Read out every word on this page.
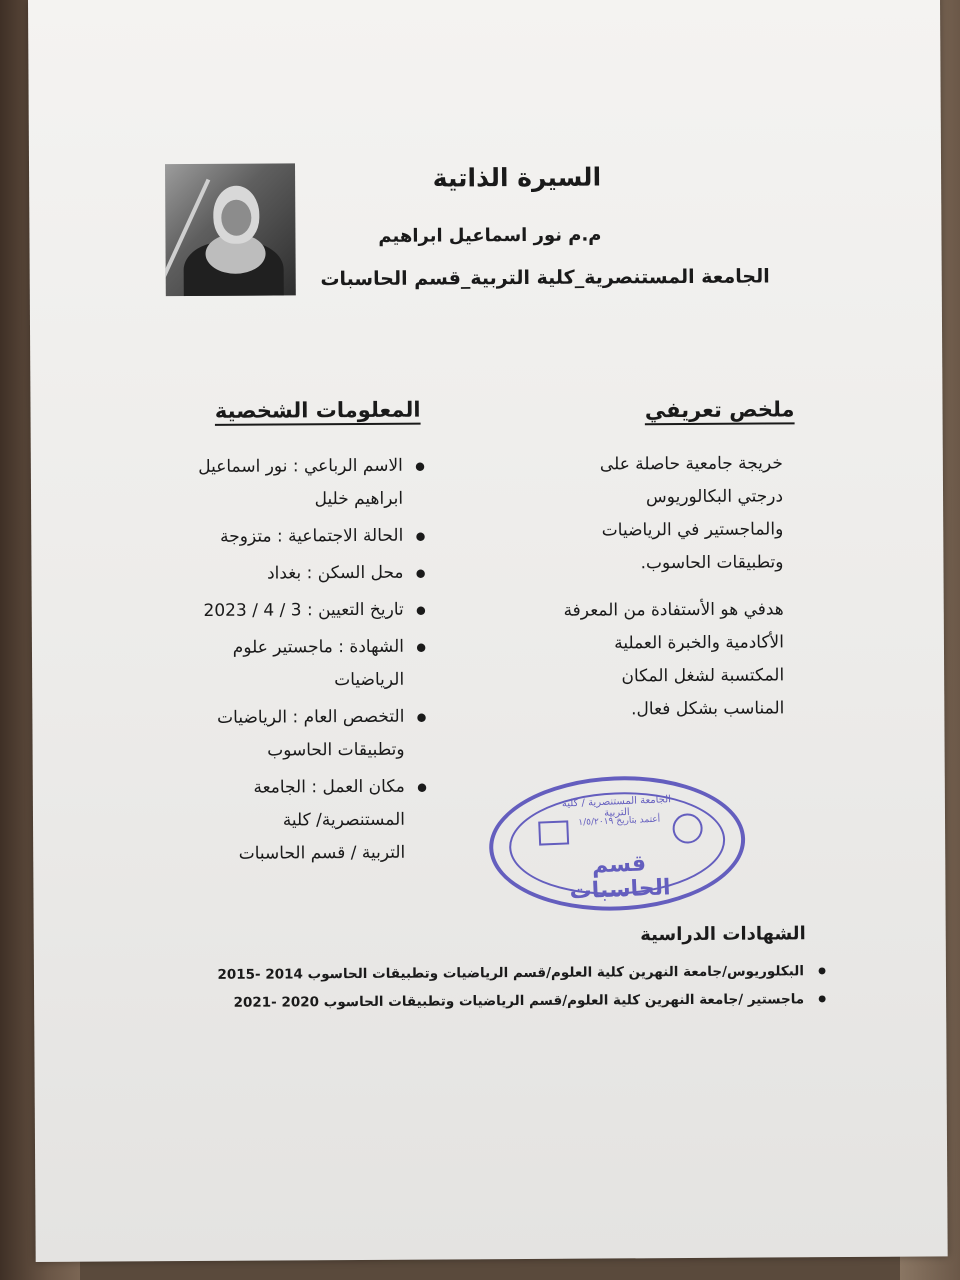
السيرة الذاتية
م.م نور اسماعيل ابراهيم
الجامعة المستنصرية_كلية التربية_قسم الحاسبات
ملخص تعريفي
خريجة جامعية حاصلة على
درجتي البكالوريوس
والماجستير في الرياضيات
وتطبيقات الحاسوب.
هدفي هو الأستفادة من المعرفة
الأكادمية والخبرة العملية
المكتسبة لشغل المكان
المناسب بشكل فعال.
المعلومات الشخصية
● الاسم الرباعي : نور اسماعيل
ابراهيم خليل
● الحالة الاجتماعية : متزوجة
● محل السكن : بغداد
● تاريخ التعيين : 3 / 4 / 2023
● الشهادة : ماجستير علوم
الرياضيات
● التخصص العام : الرياضيات
وتطبيقات الحاسوب
● مكان العمل : الجامعة
المستنصرية/ كلية
التربية / قسم الحاسبات
الجامعة المستنصرية / كلية التربية
أعتمد بتاريخ ١/٥/٢٠١٩
قسم الحاسبات
الشهادات الدراسية
● البكلوريوس/جامعة النهرين كلية العلوم/قسم الرياضيات وتطبيقات الحاسوب 2014 -2015
● ماجستير /جامعة النهرين كلية العلوم/قسم الرياضيات وتطبيقات الحاسوب 2020 -2021
